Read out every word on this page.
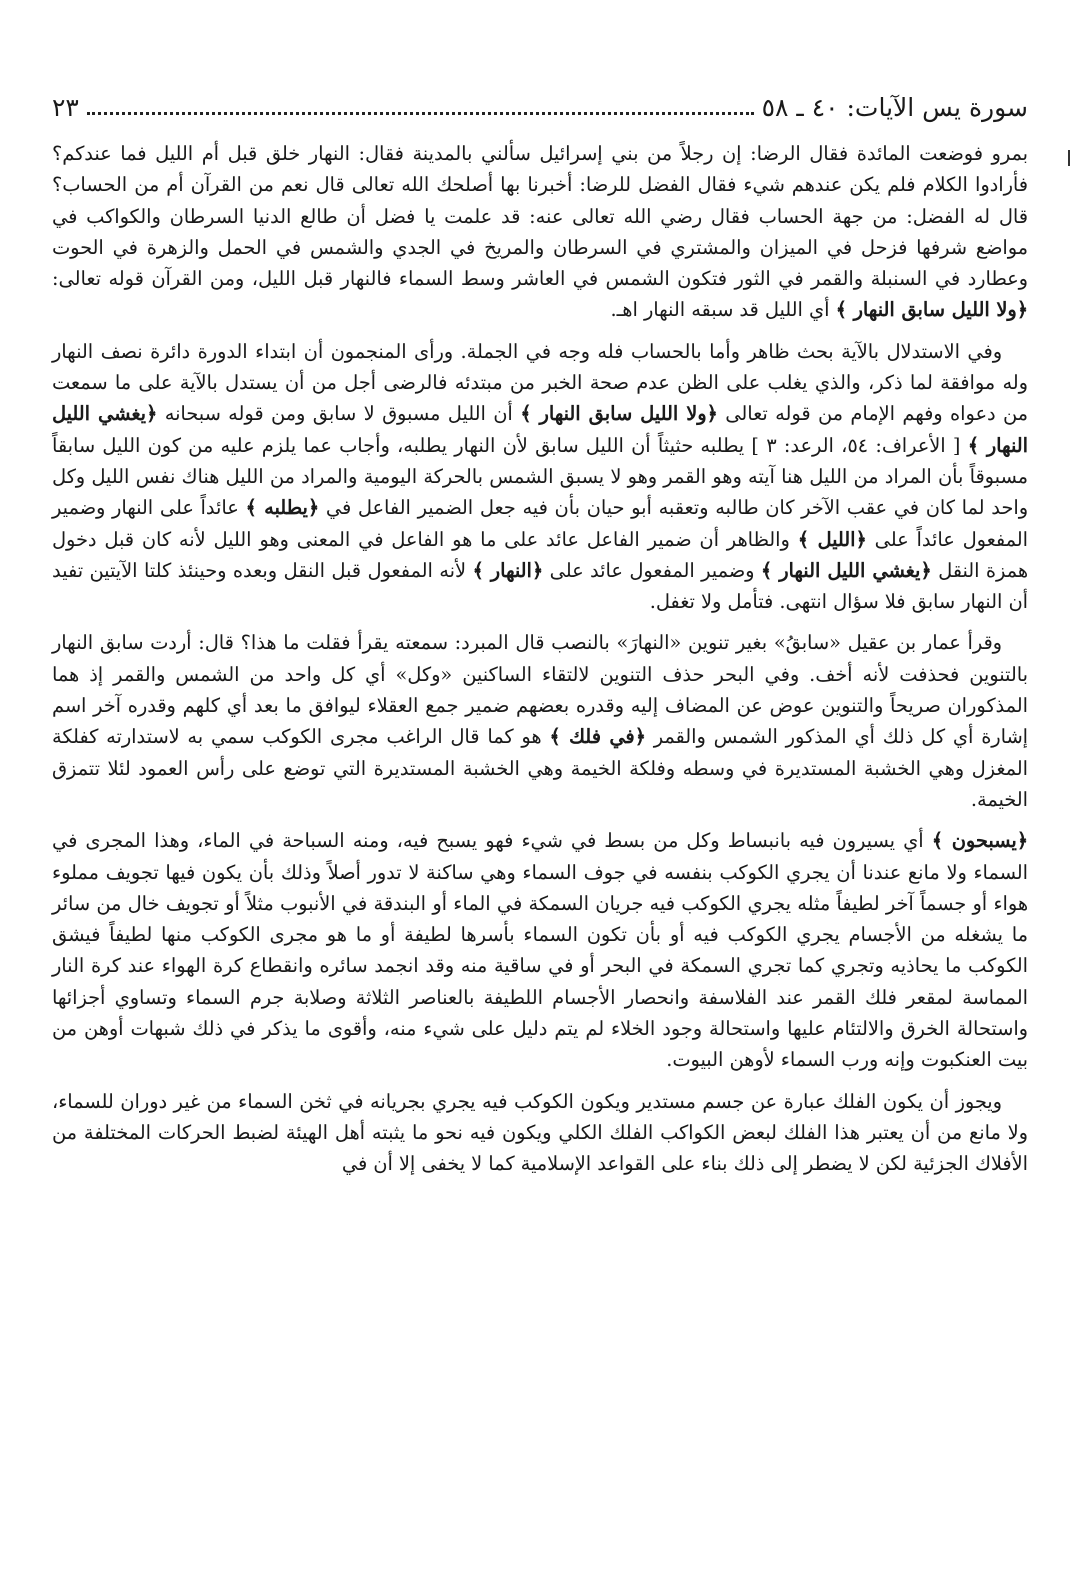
سورة يس الآيات: ٤٠ ـ ٥٨
٢٣

بمرو فوضعت المائدة فقال الرضا: إن رجلاً من بني إسرائيل سألني بالمدينة فقال: النهار خلق قبل أم الليل فما عندكم؟ فأرادوا الكلام فلم يكن عندهم شيء فقال الفضل للرضا: أخبرنا بها أصلحك الله تعالى قال نعم من القرآن أم من الحساب؟ قال له الفضل: من جهة الحساب فقال رضي الله تعالى عنه: قد علمت يا فضل أن طالع الدنيا السرطان والكواكب في مواضع شرفها فزحل في الميزان والمشتري في السرطان والمريخ في الجدي والشمس في الحمل والزهرة في الحوت وعطارد في السنبلة والقمر في الثور فتكون الشمس في العاشر وسط السماء فالنهار قبل الليل، ومن القرآن قوله تعالى: ﴿ولا الليل سابق النهار ﴾ أي الليل قد سبقه النهار اهـ.

وفي الاستدلال بالآية بحث ظاهر وأما بالحساب فله وجه في الجملة. ورأى المنجمون أن ابتداء الدورة دائرة نصف النهار وله موافقة لما ذكر، والذي يغلب على الظن عدم صحة الخبر من مبتدئه فالرضى أجل من أن يستدل بالآية على ما سمعت من دعواه وفهم الإمام من قوله تعالى ﴿ولا الليل سابق النهار ﴾ أن الليل مسبوق لا سابق ومن قوله سبحانه ﴿يغشي الليل النهار ﴾ [ الأعراف: ٥٤، الرعد: ٣ ] يطلبه حثيثاً أن الليل سابق لأن النهار يطلبه، وأجاب عما يلزم عليه من كون الليل سابقاً مسبوقاً بأن المراد من الليل هنا آيته وهو القمر وهو لا يسبق الشمس بالحركة اليومية والمراد من الليل هناك نفس الليل وكل واحد لما كان في عقب الآخر كان طالبه وتعقبه أبو حيان بأن فيه جعل الضمير الفاعل في ﴿يطلبه ﴾ عائداً على النهار وضمير المفعول عائداً على ﴿الليل ﴾ والظاهر أن ضمير الفاعل عائد على ما هو الفاعل في المعنى وهو الليل لأنه كان قبل دخول همزة النقل ﴿يغشي الليل النهار ﴾ وضمير المفعول عائد على ﴿النهار ﴾ لأنه المفعول قبل النقل وبعده وحينئذ كلتا الآيتين تفيد أن النهار سابق فلا سؤال انتهى. فتأمل ولا تغفل.

وقرأ عمار بن عقيل «سابقُ» بغير تنوين «النهارَ» بالنصب قال المبرد: سمعته يقرأ فقلت ما هذا؟ قال: أردت سابق النهار بالتنوين فحذفت لأنه أخف. وفي البحر حذف التنوين لالتقاء الساكنين «وكل» أي كل واحد من الشمس والقمر إذ هما المذكوران صريحاً والتنوين عوض عن المضاف إليه وقدره بعضهم ضمير جمع العقلاء ليوافق ما بعد أي كلهم وقدره آخر اسم إشارة أي كل ذلك أي المذكور الشمس والقمر ﴿في فلك ﴾ هو كما قال الراغب مجرى الكوكب سمي به لاستدارته كفلكة المغزل وهي الخشبة المستديرة في وسطه وفلكة الخيمة وهي الخشبة المستديرة التي توضع على رأس العمود لئلا تتمزق الخيمة.

﴿يسبحون ﴾ أي يسيرون فيه بانبساط وكل من بسط في شيء فهو يسبح فيه، ومنه السباحة في الماء، وهذا المجرى في السماء ولا مانع عندنا أن يجري الكوكب بنفسه في جوف السماء وهي ساكنة لا تدور أصلاً وذلك بأن يكون فيها تجويف مملوء هواء أو جسماً آخر لطيفاً مثله يجري الكوكب فيه جريان السمكة في الماء أو البندقة في الأنبوب مثلاً أو تجويف خال من سائر ما يشغله من الأجسام يجري الكوكب فيه أو بأن تكون السماء بأسرها لطيفة أو ما هو مجرى الكوكب منها لطيفاً فيشق الكوكب ما يحاذيه وتجري كما تجري السمكة في البحر أو في ساقية منه وقد انجمد سائره وانقطاع كرة الهواء عند كرة النار المماسة لمقعر فلك القمر عند الفلاسفة وانحصار الأجسام اللطيفة بالعناصر الثلاثة وصلابة جرم السماء وتساوي أجزائها واستحالة الخرق والالتئام عليها واستحالة وجود الخلاء لم يتم دليل على شيء منه، وأقوى ما يذكر في ذلك شبهات أوهن من بيت العنكبوت وإنه ورب السماء لأوهن البيوت.

ويجوز أن يكون الفلك عبارة عن جسم مستدير ويكون الكوكب فيه يجري بجريانه في ثخن السماء من غير دوران للسماء، ولا مانع من أن يعتبر هذا الفلك لبعض الكواكب الفلك الكلي ويكون فيه نحو ما يثبته أهل الهيئة لضبط الحركات المختلفة من الأفلاك الجزئية لكن لا يضطر إلى ذلك بناء على القواعد الإسلامية كما لا يخفى إلا أن في
